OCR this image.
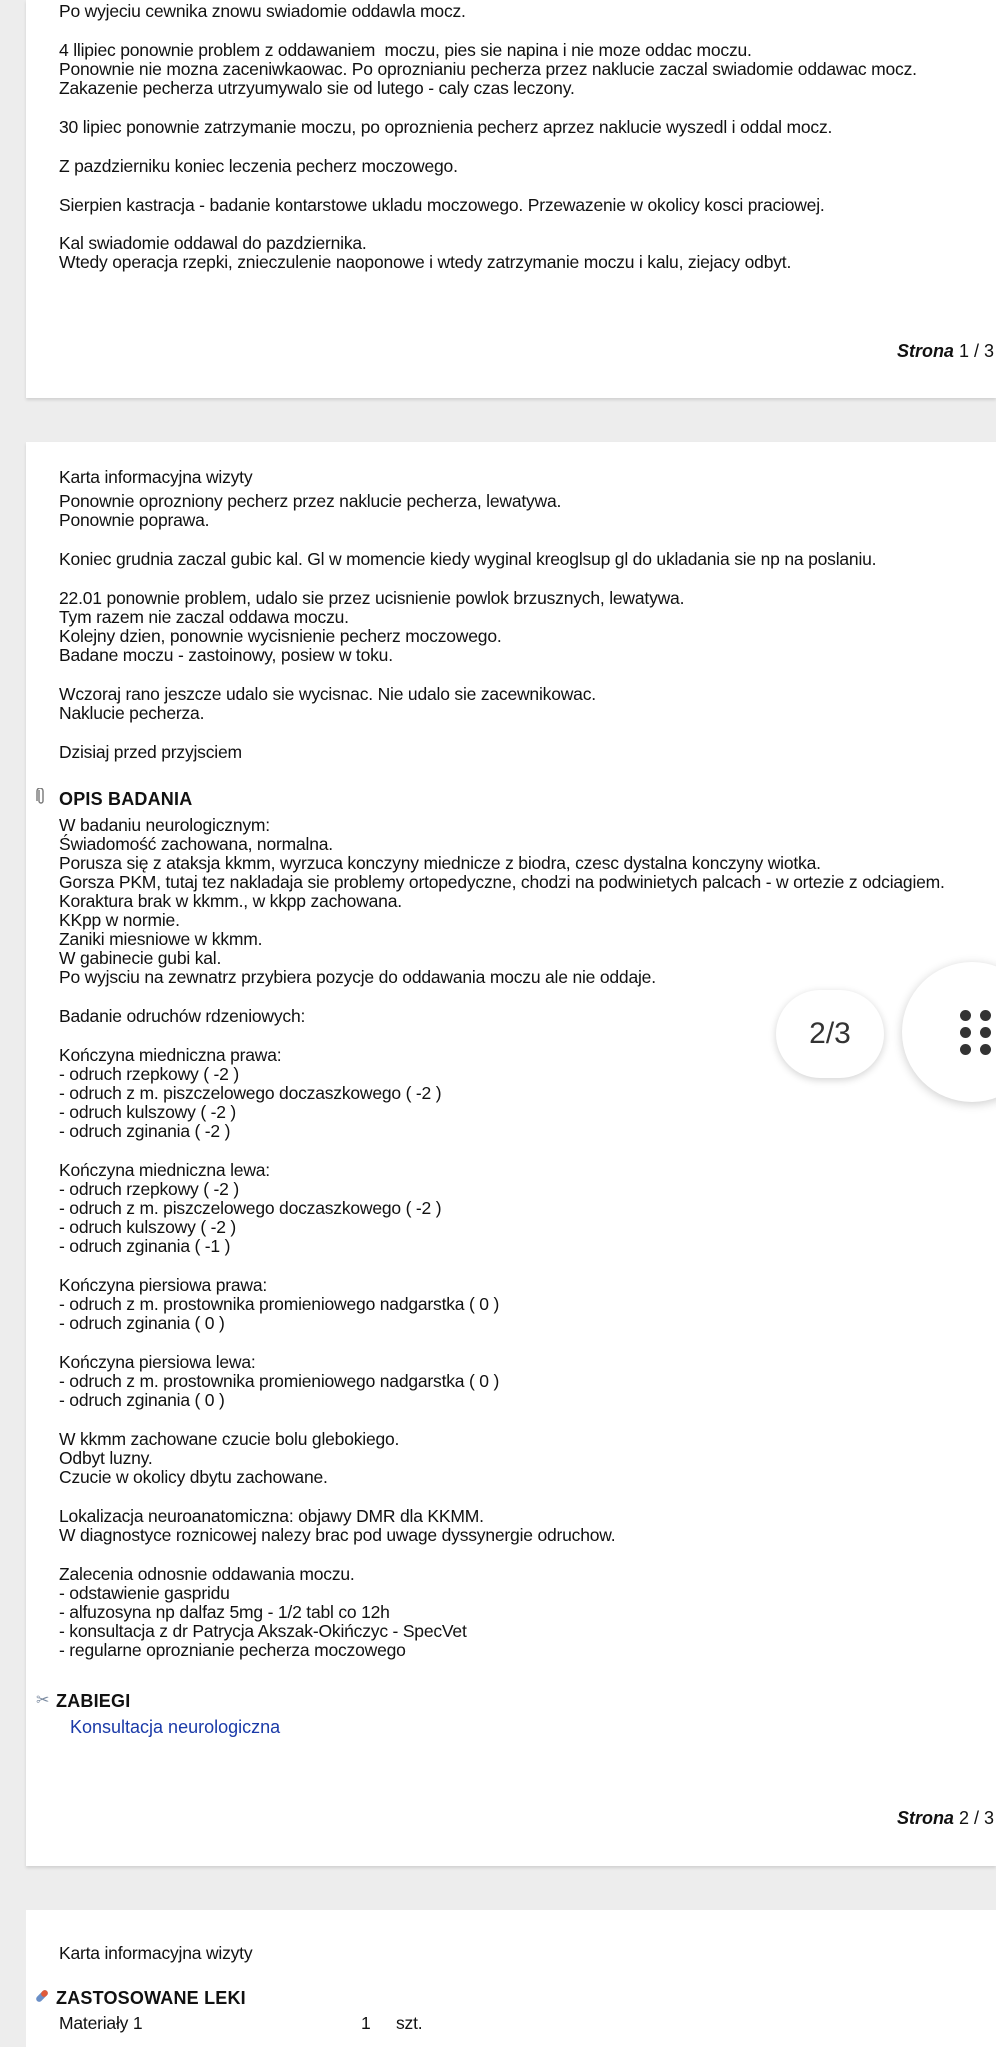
Po wyjeciu cewnika znowu swiadomie oddawla mocz.
4 llipiec ponownie problem z oddawaniem  moczu, pies sie napina i nie moze oddac moczu.
Ponownie nie mozna zaceniwkaowac. Po oproznianiu pecherza przez naklucie zaczal swiadomie oddawac mocz.
Zakazenie pecherza utrzyumywalo sie od lutego - caly czas leczony.
30 lipiec ponownie zatrzymanie moczu, po oproznienia pecherz aprzez naklucie wyszedl i oddal mocz.
Z pazdzierniku koniec leczenia pecherz moczowego.
Sierpien kastracja - badanie kontarstowe ukladu moczowego. Przewazenie w okolicy kosci praciowej.
Kal swiadomie oddawal do pazdziernika.
Wtedy operacja rzepki, znieczulenie naoponowe i wtedy zatrzymanie moczu i kalu, ziejacy odbyt.
Strona 1 / 3
Karta informacyjna wizyty
Ponownie oprozniony pecherz przez naklucie pecherza, lewatywa.
Ponownie poprawa.
Koniec grudnia zaczal gubic kal. Gl w momencie kiedy wyginal kreoglsup gl do ukladania sie np na poslaniu.
22.01 ponownie problem, udalo sie przez ucisnienie powlok brzusznych, lewatywa.
Tym razem nie zaczal oddawa moczu.
Kolejny dzien, ponownie wycisnienie pecherz moczowego.
Badane moczu - zastoinowy, posiew w toku.
Wczoraj rano jeszcze udalo sie wycisnac. Nie udalo sie zacewnikowac.
Naklucie pecherza.
Dzisiaj przed przyjsciem
OPIS BADANIA
W badaniu neurologicznym:
Świadomość zachowana, normalna.
Porusza się z ataksja kkmm, wyrzuca konczyny miednicze z biodra, czesc dystalna konczyny wiotka.
Gorsza PKM, tutaj tez nakladaja sie problemy ortopedyczne, chodzi na podwinietych palcach - w ortezie z odciagiem.
Koraktura brak w kkmm., w kkpp zachowana.
KKpp w normie.
Zaniki miesniowe w kkmm.
W gabinecie gubi kal.
Po wyjsciu na zewnatrz przybiera pozycje do oddawania moczu ale nie oddaje.
Badanie odruchów rdzeniowych:
Kończyna miedniczna prawa:
- odruch rzepkowy ( -2 )
- odruch z m. piszczelowego doczaszkowego ( -2 )
- odruch kulszowy ( -2 )
- odruch zginania ( -2 )
Kończyna miedniczna lewa:
- odruch rzepkowy ( -2 )
- odruch z m. piszczelowego doczaszkowego ( -2 )
- odruch kulszowy ( -2 )
- odruch zginania ( -1 )
Kończyna piersiowa prawa:
- odruch z m. prostownika promieniowego nadgarstka ( 0 )
- odruch zginania ( 0 )
Kończyna piersiowa lewa:
- odruch z m. prostownika promieniowego nadgarstka ( 0 )
- odruch zginania ( 0 )
W kkmm zachowane czucie bolu glebokiego.
Odbyt luzny.
Czucie w okolicy dbytu zachowane.
Lokalizacja neuroanatomiczna: objawy DMR dla KKMM.
W diagnostyce roznicowej nalezy brac pod uwage dyssynergie odruchow.
Zalecenia odnosnie oddawania moczu.
- odstawienie gaspridu
- alfuzosyna np dalfaz 5mg - 1/2 tabl co 12h
- konsultacja z dr Patrycja Akszak-Okińczyc - SpecVet
- regularne oproznianie pecherza moczowego
✂ ZABIEGI
Konsultacja neurologiczna
Strona 2 / 3
Karta informacyjna wizyty
ZASTOSOWANE LEKI
Materiały 1	1 szt.
2/3
